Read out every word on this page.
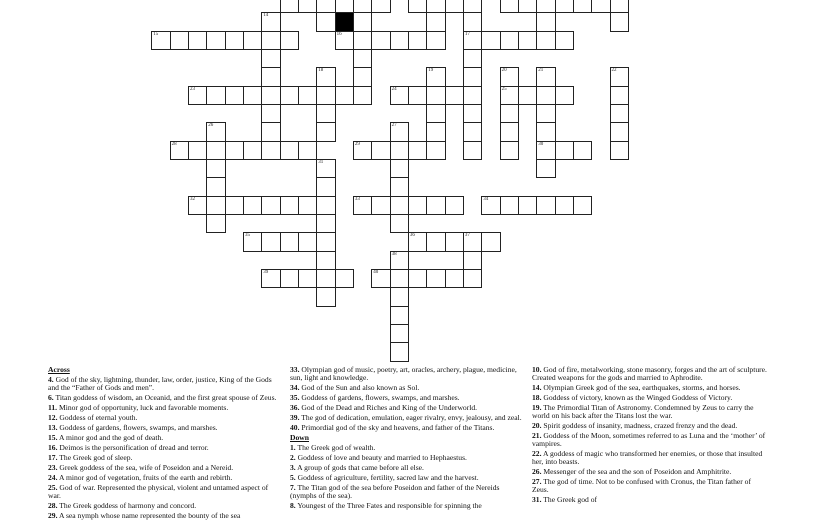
14
15	16	17
18	19	20	21	22
23	24	25
26	27
28	29	30
31
32	33	34
35	36	37
38
39	40

Across

4. God of the sky, lightning, thunder, law, order, justice, King of the Gods and the “Father of Gods and men”.

6. Titan goddess of wisdom, an Oceanid, and the first great spouse of Zeus.

11. Minor god of opportunity, luck and favorable moments.

12. Goddess of eternal youth.

13. Goddess of gardens, flowers, swamps, and marshes.

15. A minor god and the god of death.

16. Deimos is the personification of dread and terror.

17. The Greek god of sleep.

23. Greek goddess of the sea, wife of Poseidon and a Nereid.

24. A minor god of vegetation, fruits of the earth and rebirth.

25. God of war. Represented the physical, violent and untamed aspect of war.

28. The Greek goddess of harmony and concord.

29. A sea nymph whose name represented the bounty of the sea

33. Olympian god of music, poetry, art, oracles, archery, plague, medicine, sun, light and knowledge.

34. God of the Sun and also known as Sol.

35. Goddess of gardens, flowers, swamps, and marshes.

36. God of the Dead and Riches and King of the Underworld.

39. The god of dedication, emulation, eager rivalry, envy, jealousy, and zeal.

40. Primordial god of the sky and heavens, and father of the Titans.

Down

1. The Greek god of wealth.

2. Goddess of love and beauty and married to Hephaestus.

3. A group of gods that came before all else.

5. Goddess of agriculture, fertility, sacred law and the harvest.

7. The Titan god of the sea before Poseidon and father of the Nereids (nymphs of the sea).

8. Youngest of the Three Fates and responsible for spinning the

10. God of fire, metalworking, stone masonry, forges and the art of sculpture. Created weapons for the gods and married to Aphrodite.

14. Olympian Greek god of the sea, earthquakes, storms, and horses.

18. Goddess of victory, known as the Winged Goddess of Victory.

19. The Primordial Titan of Astronomy. Condemned by Zeus to carry the world on his back after the Titans lost the war.

20. Spirit goddess of insanity, madness, crazed frenzy and the dead.

21. Goddess of the Moon, sometimes referred to as Luna and the ‘mother’ of vampires.

22. A goddess of magic who transformed her enemies, or those that insulted her, into beasts.

26. Messenger of the sea and the son of Poseidon and Amphitrite.

27. The god of time. Not to be confused with Cronus, the Titan father of Zeus.

31. The Greek god of
